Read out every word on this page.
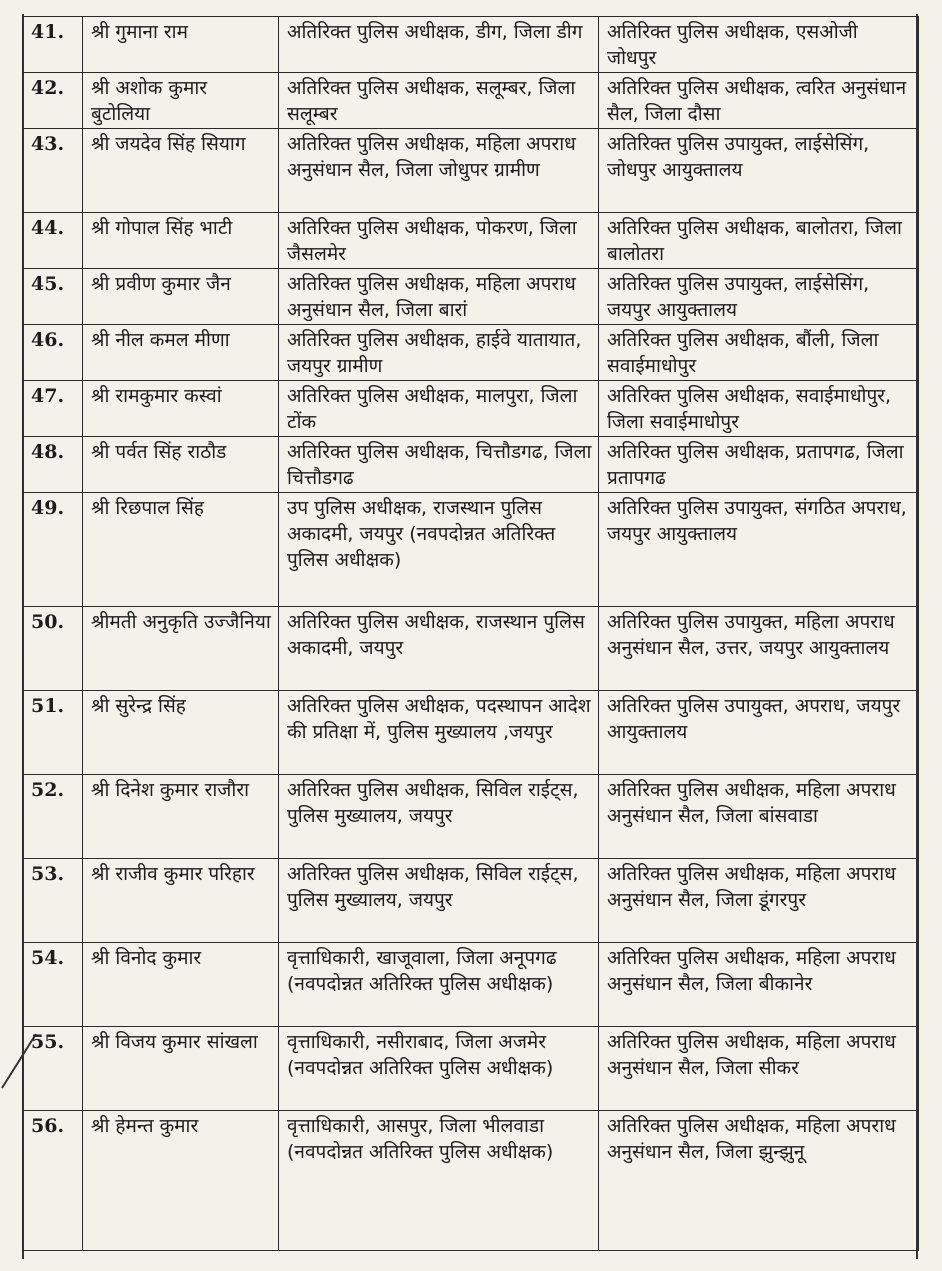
41.	श्री गुमाना राम	अतिरिक्त पुलिस अधीक्षक, डीग, जिला डीग	अतिरिक्त पुलिस अधीक्षक, एसओजी जोधपुर
42.	श्री अशोक कुमार बुटोलिया	अतिरिक्त पुलिस अधीक्षक, सलूम्बर, जिला सलूम्बर	अतिरिक्त पुलिस अधीक्षक, त्वरित अनुसंधान सैल, जिला दौसा
43.	श्री जयदेव सिंह सियाग	अतिरिक्त पुलिस अधीक्षक, महिला अपराध अनुसंधान सैल, जिला जोधुपर ग्रामीण	अतिरिक्त पुलिस उपायुक्त, लाईसेसिंग, जोधपुर आयुक्तालय
44.	श्री गोपाल सिंह भाटी	अतिरिक्त पुलिस अधीक्षक, पोकरण, जिला जैसलमेर	अतिरिक्त पुलिस अधीक्षक, बालोतरा, जिला बालोतरा
45.	श्री प्रवीण कुमार जैन	अतिरिक्त पुलिस अधीक्षक, महिला अपराध अनुसंधान सैल, जिला बारां	अतिरिक्त पुलिस उपायुक्त, लाईसेसिंग, जयपुर आयुक्तालय
46.	श्री नील कमल मीणा	अतिरिक्त पुलिस अधीक्षक, हाईवे यातायात, जयपुर ग्रामीण	अतिरिक्त पुलिस अधीक्षक, बौंली, जिला सवाईमाधोपुर
47.	श्री रामकुमार कस्वां	अतिरिक्त पुलिस अधीक्षक, मालपुरा, जिला टोंक	अतिरिक्त पुलिस अधीक्षक, सवाईमाधोपुर, जिला सवाईमाधोपुर
48.	श्री पर्वत सिंह राठौड	अतिरिक्त पुलिस अधीक्षक, चित्तौडगढ, जिला चित्तौडगढ	अतिरिक्त पुलिस अधीक्षक, प्रतापगढ, जिला प्रतापगढ
49.	श्री रिछपाल सिंह	उप पुलिस अधीक्षक, राजस्थान पुलिस अकादमी, जयपुर (नवपदोन्नत अतिरिक्त पुलिस अधीक्षक)	अतिरिक्त पुलिस उपायुक्त, संगठित अपराध, जयपुर आयुक्तालय
50.	श्रीमती अनुकृति उज्जैनिया	अतिरिक्त पुलिस अधीक्षक, राजस्थान पुलिस अकादमी, जयपुर	अतिरिक्त पुलिस उपायुक्त, महिला अपराध अनुसंधान सैल, उत्तर, जयपुर आयुक्तालय
51.	श्री सुरेन्द्र सिंह	अतिरिक्त पुलिस अधीक्षक, पदस्थापन आदेश की प्रतिक्षा में, पुलिस मुख्यालय ,जयपुर	अतिरिक्त पुलिस उपायुक्त, अपराध, जयपुर आयुक्तालय
52.	श्री दिनेश कुमार राजौरा	अतिरिक्त पुलिस अधीक्षक, सिविल राईट्स, पुलिस मुख्यालय, जयपुर	अतिरिक्त पुलिस अधीक्षक, महिला अपराध अनुसंधान सैल, जिला बांसवाडा
53.	श्री राजीव कुमार परिहार	अतिरिक्त पुलिस अधीक्षक, सिविल राईट्स, पुलिस मुख्यालय, जयपुर	अतिरिक्त पुलिस अधीक्षक, महिला अपराध अनुसंधान सैल, जिला डूंगरपुर
54.	श्री विनोद कुमार	वृत्ताधिकारी, खाजूवाला, जिला अनूपगढ (नवपदोन्नत अतिरिक्त पुलिस अधीक्षक)	अतिरिक्त पुलिस अधीक्षक, महिला अपराध अनुसंधान सैल, जिला बीकानेर
55.	श्री विजय कुमार सांखला	वृत्ताधिकारी, नसीराबाद, जिला अजमेर (नवपदोन्नत अतिरिक्त पुलिस अधीक्षक)	अतिरिक्त पुलिस अधीक्षक, महिला अपराध अनुसंधान सैल, जिला सीकर
56.	श्री हेमन्त कुमार	वृत्ताधिकारी, आसपुर, जिला भीलवाडा (नवपदोन्नत अतिरिक्त पुलिस अधीक्षक)	अतिरिक्त पुलिस अधीक्षक, महिला अपराध अनुसंधान सैल, जिला झुन्झुनू
